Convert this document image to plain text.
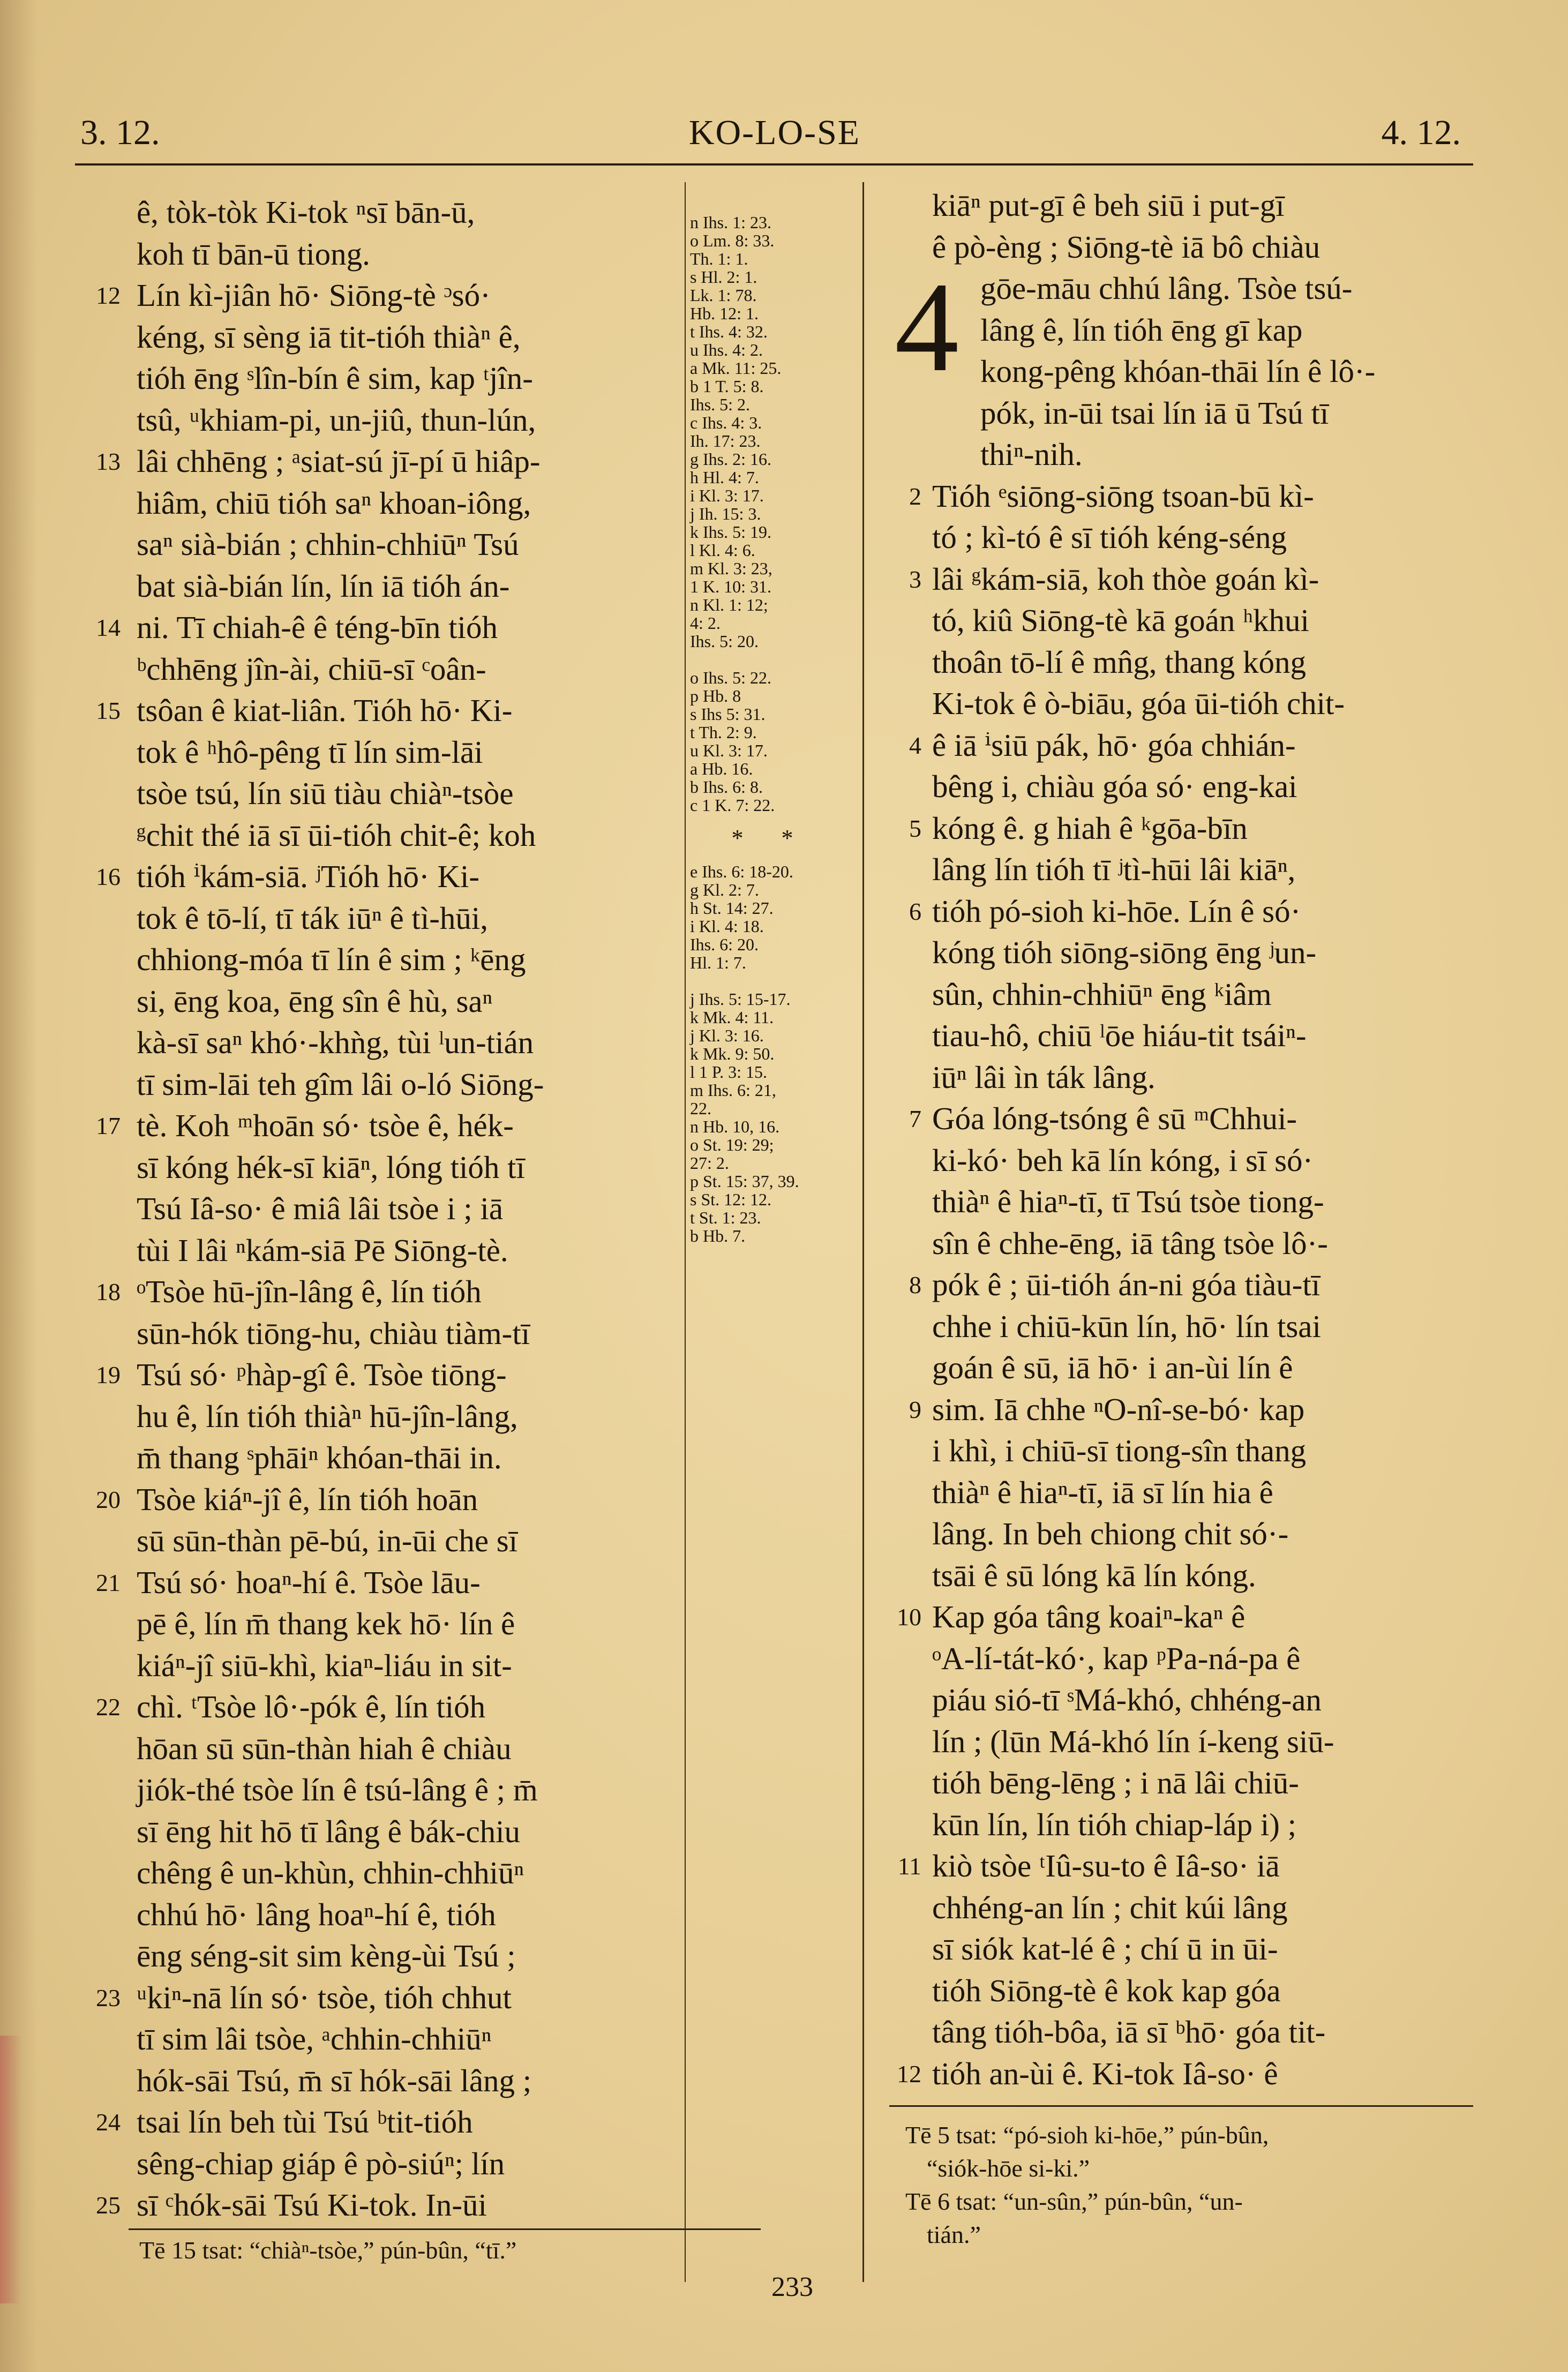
3. 12.	KO-LO-SE	4. 12.
ê, tòk-tòk Ki-tok ⁿsī bān-ū,
koh tī bān-ū tiong.
12 Lín kì-jiân hō· Siōng-tè ᵓsó·
kéng, sī sèng iā tit-tióh thiàⁿ ê,
tióh ēng ˢlîn-bín ê sim, kap ᵗjîn-
tsû, ᵘkhiam-pi, un-jiû, thun-lún,
13 lâi chhēng ; ᵃsiat-sú jī-pí ū hiâp-
hiâm, chiū tióh saⁿ khoan-iông,
saⁿ sià-bián ; chhin-chhiūⁿ Tsú
bat sià-bián lín, lín iā tióh án-
14 ni. Tī chiah-ê ê téng-bīn tióh
ᵇchhēng jîn-ài, chiū-sī ᶜoân-
15 tsôan ê kiat-liân. Tióh hō· Ki-
tok ê ʰhô-pêng tī lín sim-lāi
tsòe tsú, lín siū tiàu chiàⁿ-tsòe
ᵍchit thé iā sī ūi-tióh chit-ê; koh
16 tióh ⁱkám-siā. ʲTióh hō· Ki-
tok ê tō-lí, tī ták iūⁿ ê tì-hūi,
chhiong-móa tī lín ê sim ; ᵏēng
si, ēng koa, ēng sîn ê hù, saⁿ
kà-sī saⁿ khó·-khǹg, tùi ˡun-tián
tī sim-lāi teh gîm lâi o-ló Siōng-
17 tè. Koh ᵐhoān só· tsòe ê, hék-
sī kóng hék-sī kiāⁿ, lóng tióh tī
Tsú Iâ-so· ê miâ lâi tsòe i ; iā
tùi I lâi ⁿkám-siā Pē Siōng-tè.
18 ᵒTsòe hū-jîn-lâng ê, lín tióh
sūn-hók tiōng-hu, chiàu tiàm-tī
19 Tsú só· ᵖhàp-gî ê. Tsòe tiōng-
hu ê, lín tióh thiàⁿ hū-jîn-lâng,
m̄ thang ˢphāiⁿ khóan-thāi in.
20 Tsòe kiáⁿ-jî ê, lín tióh hoān
sū sūn-thàn pē-bú, in-ūi che sī
21 Tsú só· hoaⁿ-hí ê. Tsòe lāu-
pē ê, lín m̄ thang kek hō· lín ê
kiáⁿ-jî siū-khì, kiaⁿ-liáu in sit-
22 chì. ᵗTsòe lô·-pók ê, lín tióh
hōan sū sūn-thàn hiah ê chiàu
jiók-thé tsòe lín ê tsú-lâng ê ; m̄
sī ēng hit hō tī lâng ê bák-chiu
chêng ê un-khùn, chhin-chhiūⁿ
chhú hō· lâng hoaⁿ-hí ê, tióh
ēng séng-sit sim kèng-ùi Tsú ;
23 ᵘkiⁿ-nā lín só· tsòe, tióh chhut
tī sim lâi tsòe, ᵃchhin-chhiūⁿ
hók-sāi Tsú, m̄ sī hók-sāi lâng ;
24 tsai lín beh tùi Tsú ᵇtit-tióh
sêng-chiap giáp ê pò-siúⁿ; lín
25 sī ᶜhók-sāi Tsú Ki-tok. In-ūi
n Ihs. 1: 23.
o Lm. 8: 33.
Th. 1: 1.
s Hl. 2: 1.
Lk. 1: 78.
Hb. 12: 1.
t Ihs. 4: 32.
u Ihs. 4: 2.
a Mk. 11: 25.
b 1 T. 5: 8.
Ihs. 5: 2.
c Ihs. 4: 3.
Ih. 17: 23.
g Ihs. 2: 16.
h Hl. 4: 7.
i Kl. 3: 17.
j Ih. 15: 3.
k Ihs. 5: 19.
l Kl. 4: 6.
m Kl. 3: 23,
1 K. 10: 31.
n Kl. 1: 12;
4: 2.
Ihs. 5: 20.
o Ihs. 5: 22.
p Hb. 8
s Ihs 5: 31.
t Th. 2: 9.
u Kl. 3: 17.
a Hb. 16.
b Ihs. 6: 8.
c 1 K. 7: 22.
* *
e Ihs. 6: 18-20.
g Kl. 2: 7.
h St. 14: 27.
i Kl. 4: 18.
Ihs. 6: 20.
Hl. 1: 7.
j Ihs. 5: 15-17.
k Mk. 4: 11.
j Kl. 3: 16.
k Mk. 9: 50.
l 1 P. 3: 15.
m Ihs. 6: 21,
22.
n Hb. 10, 16.
o St. 19: 29;
27: 2.
p St. 15: 37, 39.
s St. 12: 12.
t St. 1: 23.
b Hb. 7.
4
kiāⁿ put-gī ê beh siū i put-gī
ê pò-èng ; Siōng-tè iā bô chiàu
gōe-māu chhú lâng. Tsòe tsú-
lâng ê, lín tióh ēng gī kap
kong-pêng khóan-thāi lín ê lô·-
pók, in-ūi tsai lín iā ū Tsú tī
thiⁿ-nih.
2 Tióh ᵉsiōng-siōng tsoan-bū kì-
tó ; kì-tó ê sī tióh kéng-séng
3 lâi ᵍkám-siā, koh thòe goán kì-
tó, kiû Siōng-tè kā goán ʰkhui
thoân tō-lí ê mn̂g, thang kóng
Ki-tok ê ò-biāu, góa ūi-tióh chit-
4 ê iā ⁱsiū pák, hō· góa chhián-
bêng i, chiàu góa só· eng-kai
5 kóng ê. g hiah ê ᵏgōa-bīn
lâng lín tióh tī ʲtì-hūi lâi kiāⁿ,
6 tióh pó-sioh ki-hōe. Lín ê só·
kóng tióh siōng-siōng ēng ʲun-
sûn, chhin-chhiūⁿ ēng ᵏiâm
tiau-hô, chiū ˡōe hiáu-tit tsáiⁿ-
iūⁿ lâi ìn ták lâng.
7 Góa lóng-tsóng ê sū ᵐChhui-
ki-kó· beh kā lín kóng, i sī só·
thiàⁿ ê hiaⁿ-tī, tī Tsú tsòe tiong-
sîn ê chhe-ēng, iā tâng tsòe lô·-
8 pók ê ; ūi-tióh án-ni góa tiàu-tī
chhe i chiū-kūn lín, hō· lín tsai
goán ê sū, iā hō· i an-ùi lín ê
9 sim. Iā chhe ⁿO-nî-se-bó· kap
i khì, i chiū-sī tiong-sîn thang
thiàⁿ ê hiaⁿ-tī, iā sī lín hia ê
lâng. In beh chiong chit só·-
tsāi ê sū lóng kā lín kóng.
10 Kap góa tâng koaiⁿ-kaⁿ ê
ᵒA-lí-tát-kó·, kap ᵖPa-ná-pa ê
piáu sió-tī ˢMá-khó, chhéng-an
lín ; (lūn Má-khó lín í-keng siū-
tióh bēng-lēng ; i nā lâi chiū-
kūn lín, lín tióh chiap-láp i) ;
11 kiò tsòe ᵗIû-su-to ê Iâ-so· iā
chhéng-an lín ; chit kúi lâng
sī siók kat-lé ê ; chí ū in ūi-
tióh Siōng-tè ê kok kap góa
tâng tióh-bôa, iā sī ᵇhō· góa tit-
12 tióh an-ùi ê. Ki-tok Iâ-so· ê
Tē 15 tsat: “chiàⁿ-tsòe,” pún-bûn, “tī.”
Tē 5 tsat: “pó-sioh ki-hōe,” pún-bûn,
“siók-hōe si-ki.”
Tē 6 tsat: “un-sûn,” pún-bûn, “un-
tián.”
233
